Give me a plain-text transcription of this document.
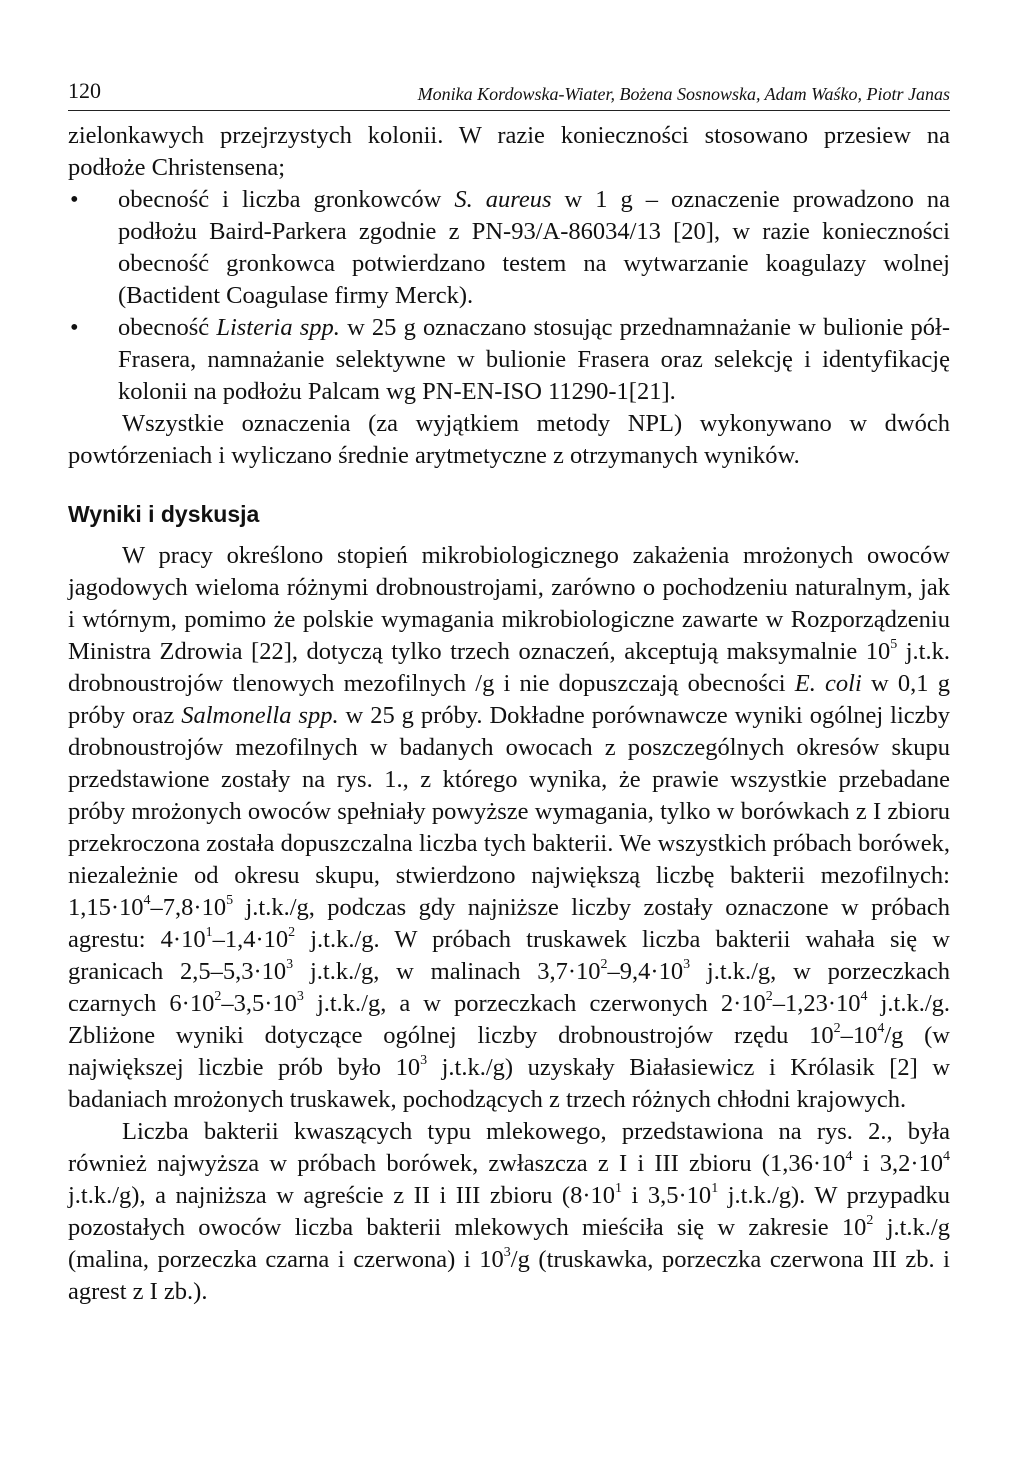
120	Monika Kordowska-Wiater, Bożena Sosnowska, Adam Waśko, Piotr Janas

zielonkawych przejrzystych kolonii. W razie konieczności stosowano przesiew na podłoże Christensena;

• obecność i liczba gronkowców S. aureus w 1 g – oznaczenie prowadzono na podłożu Baird-Parkera zgodnie z PN-93/A-86034/13 [20], w razie konieczności obecność gronkowca potwierdzano testem na wytwarzanie koagulazy wolnej (Bactident Coagulase firmy Merck).
• obecność Listeria spp. w 25 g oznaczano stosując przednamnażanie w bulionie pół-Frasera, namnażanie selektywne w bulionie Frasera oraz selekcję i identyfikację kolonii na podłożu Palcam wg PN-EN-ISO 11290-1[21].

Wszystkie oznaczenia (za wyjątkiem metody NPL) wykonywano w dwóch powtórzeniach i wyliczano średnie arytmetyczne z otrzymanych wyników.

Wyniki i dyskusja

W pracy określono stopień mikrobiologicznego zakażenia mrożonych owoców jagodowych wieloma różnymi drobnoustrojami, zarówno o pochodzeniu naturalnym, jak i wtórnym, pomimo że polskie wymagania mikrobiologiczne zawarte w Rozporządzeniu Ministra Zdrowia [22], dotyczą tylko trzech oznaczeń, akceptują maksymalnie $10^5$ j.t.k. drobnoustrojów tlenowych mezofilnych /g i nie dopuszczają obecności E. coli w 0,1 g próby oraz Salmonella spp. w 25 g próby. Dokładne porównawcze wyniki ogólnej liczby drobnoustrojów mezofilnych w badanych owocach z poszczególnych okresów skupu przedstawione zostały na rys. 1., z którego wynika, że prawie wszystkie przebadane próby mrożonych owoców spełniały powyższe wymagania, tylko w borówkach z I zbioru przekroczona została dopuszczalna liczba tych bakterii. We wszystkich próbach borówek, niezależnie od okresu skupu, stwierdzono największą liczbę bakterii mezofilnych: $1,15\cdot 10^4-7,8\cdot 10^5$ j.t.k./g, podczas gdy najniższe liczby zostały oznaczone w próbach agrestu: $4\cdot 10^1-1,4\cdot 10^2$ j.t.k./g. W próbach truskawek liczba bakterii wahała się w granicach $2,5-5,3\cdot 10^3$ j.t.k./g, w malinach $3,7\cdot 10^2-9,4\cdot 10^3$ j.t.k./g, w porzeczkach czarnych $6\cdot 10^2-3,5\cdot 10^3$ j.t.k./g, a w porzeczkach czerwonych $2\cdot 10^2-1,23\cdot 10^4$ j.t.k./g. Zbliżone wyniki dotyczące ogólnej liczby drobnoustrojów rzędu $10^2-10^4/g$ (w największej liczbie prób było $10^3$ j.t.k./g) uzyskały Białasiewicz i Królasik [2] w badaniach mrożonych truskawek, pochodzących z trzech różnych chłodni krajowych.

Liczba bakterii kwaszących typu mlekowego, przedstawiona na rys. 2., była również najwyższa w próbach borówek, zwłaszcza z I i III zbioru ($1,36\cdot 10^4$ i $3,2\cdot 10^4$ j.t.k./g), a najniższa w agreście z II i III zbioru ($8\cdot 10^1$ i $3,5\cdot 10^1$ j.t.k./g). W przypadku pozostałych owoców liczba bakterii mlekowych mieściła się w zakresie $10^2$ j.t.k./g (malina, porzeczka czarna i czerwona) i $10^3/g$ (truskawka, porzeczka czerwona III zb. i agrest z I zb.).
